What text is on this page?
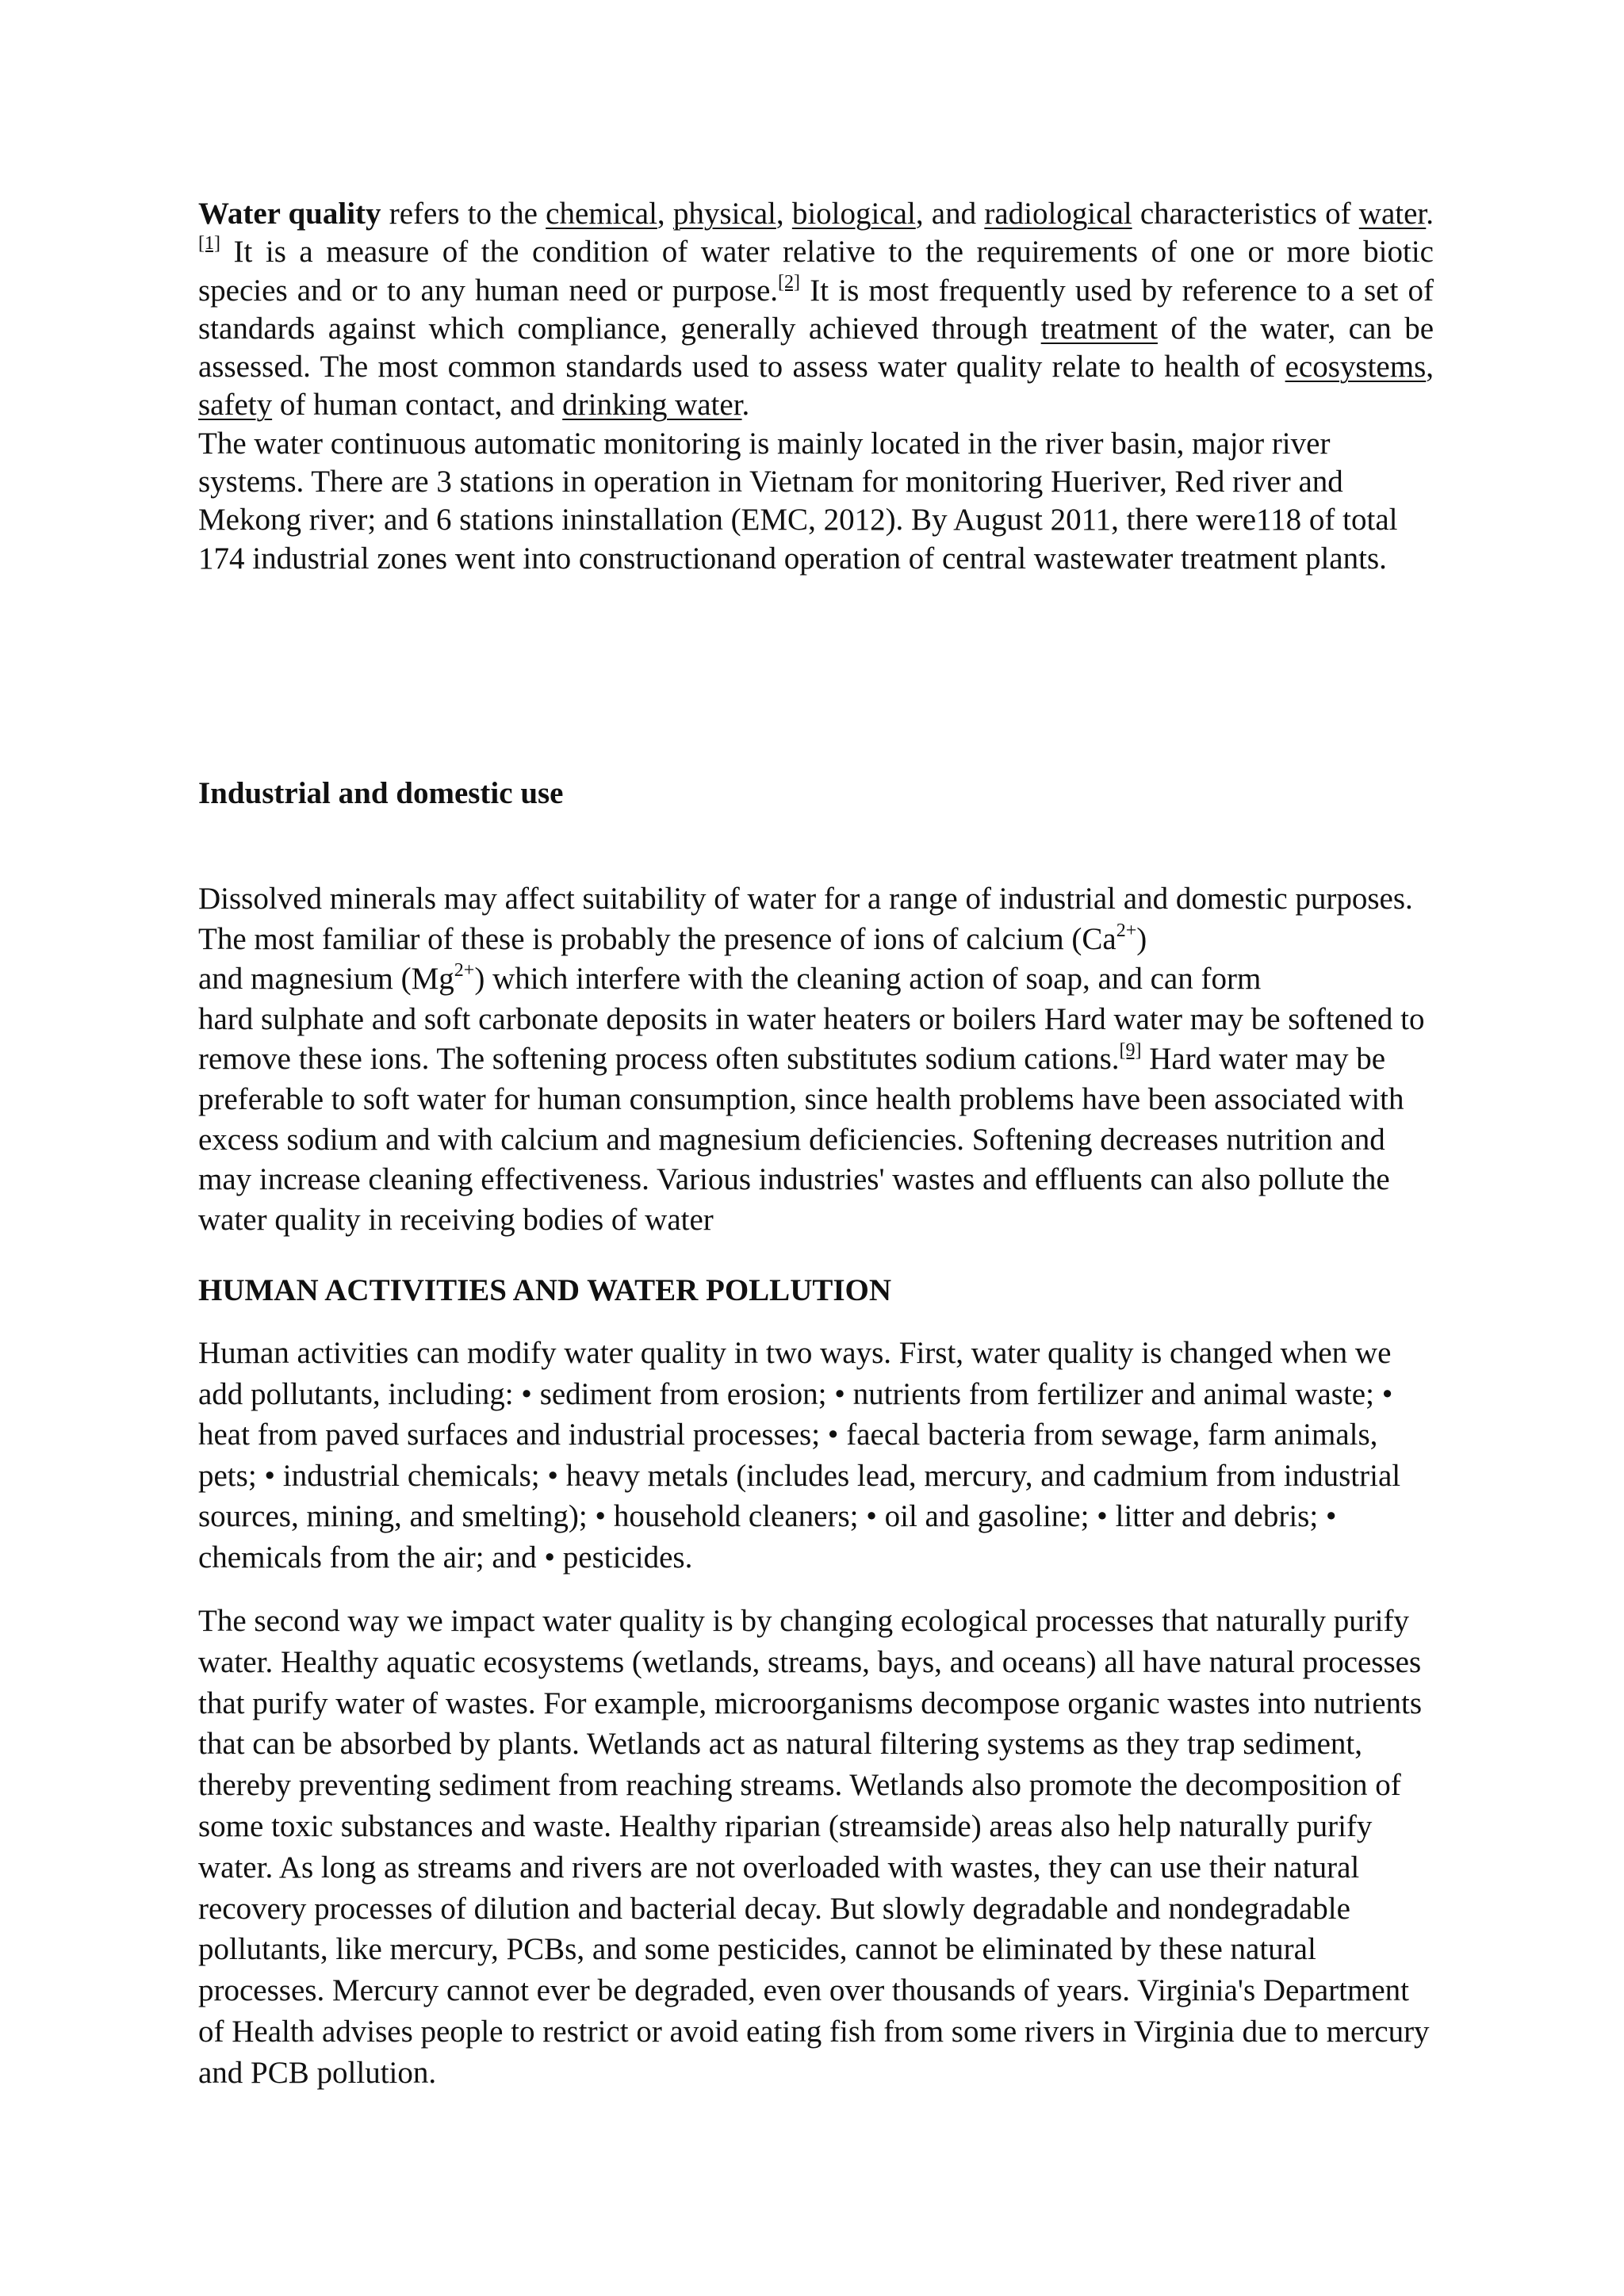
Water quality refers to the chemical, physical, biological, and radiological characteristics of water.[1] It is a measure of the condition of water relative to the requirements of one or more biotic species and or to any human need or purpose.[2] It is most frequently used by reference to a set of standards against which compliance, generally achieved through treatment of the water, can be assessed. The most common standards used to assess water quality relate to health of ecosystems, safety of human contact, and drinking water.

The water continuous automatic monitoring is mainly located in the river basin, major river systems. There are 3 stations in operation in Vietnam for monitoring Hueriver, Red river and Mekong river; and 6 stations ininstallation (EMC, 2012). By August 2011, there were118 of total 174 industrial zones went into constructionand operation of central wastewater treatment plants.

Industrial and domestic use
Dissolved minerals may affect suitability of water for a range of industrial and domestic purposes. The most familiar of these is probably the presence of ions of calcium $(Ca^{2+})$
and magnesium $(Mg^{2+})$ which interfere with the cleaning action of soap, and can form
hard sulphate and soft carbonate deposits in water heaters or boilers Hard water may be softened to remove these ions. The softening process often substitutes sodium cations.[9] Hard water may be preferable to soft water for human consumption, since health problems have been associated with excess sodium and with calcium and magnesium deficiencies. Softening decreases nutrition and may increase cleaning effectiveness. Various industries' wastes and effluents can also pollute the water quality in receiving bodies of water
HUMAN ACTIVITIES AND WATER POLLUTION

Human activities can modify water quality in two ways. First, water quality is changed when we add pollutants, including: • sediment from erosion; • nutrients from fertilizer and animal waste; • heat from paved surfaces and industrial processes; • faecal bacteria from sewage, farm animals, pets; • industrial chemicals; • heavy metals (includes lead, mercury, and cadmium from industrial sources, mining, and smelting); • household cleaners; • oil and gasoline; • litter and debris; • chemicals from the air; and • pesticides.

The second way we impact water quality is by changing ecological processes that naturally purify water. Healthy aquatic ecosystems (wetlands, streams, bays, and oceans) all have natural processes that purify water of wastes. For example, microorganisms decompose organic wastes into nutrients that can be absorbed by plants. Wetlands act as natural filtering systems as they trap sediment, thereby preventing sediment from reaching streams. Wetlands also promote the decomposition of some toxic substances and waste. Healthy riparian (streamside) areas also help naturally purify water. As long as streams and rivers are not overloaded with wastes, they can use their natural recovery processes of dilution and bacterial decay. But slowly degradable and nondegradable pollutants, like mercury, PCBs, and some pesticides, cannot be eliminated by these natural processes. Mercury cannot ever be degraded, even over thousands of years. Virginia's Department of Health advises people to restrict or avoid eating fish from some rivers in Virginia due to mercury and PCB pollution.
